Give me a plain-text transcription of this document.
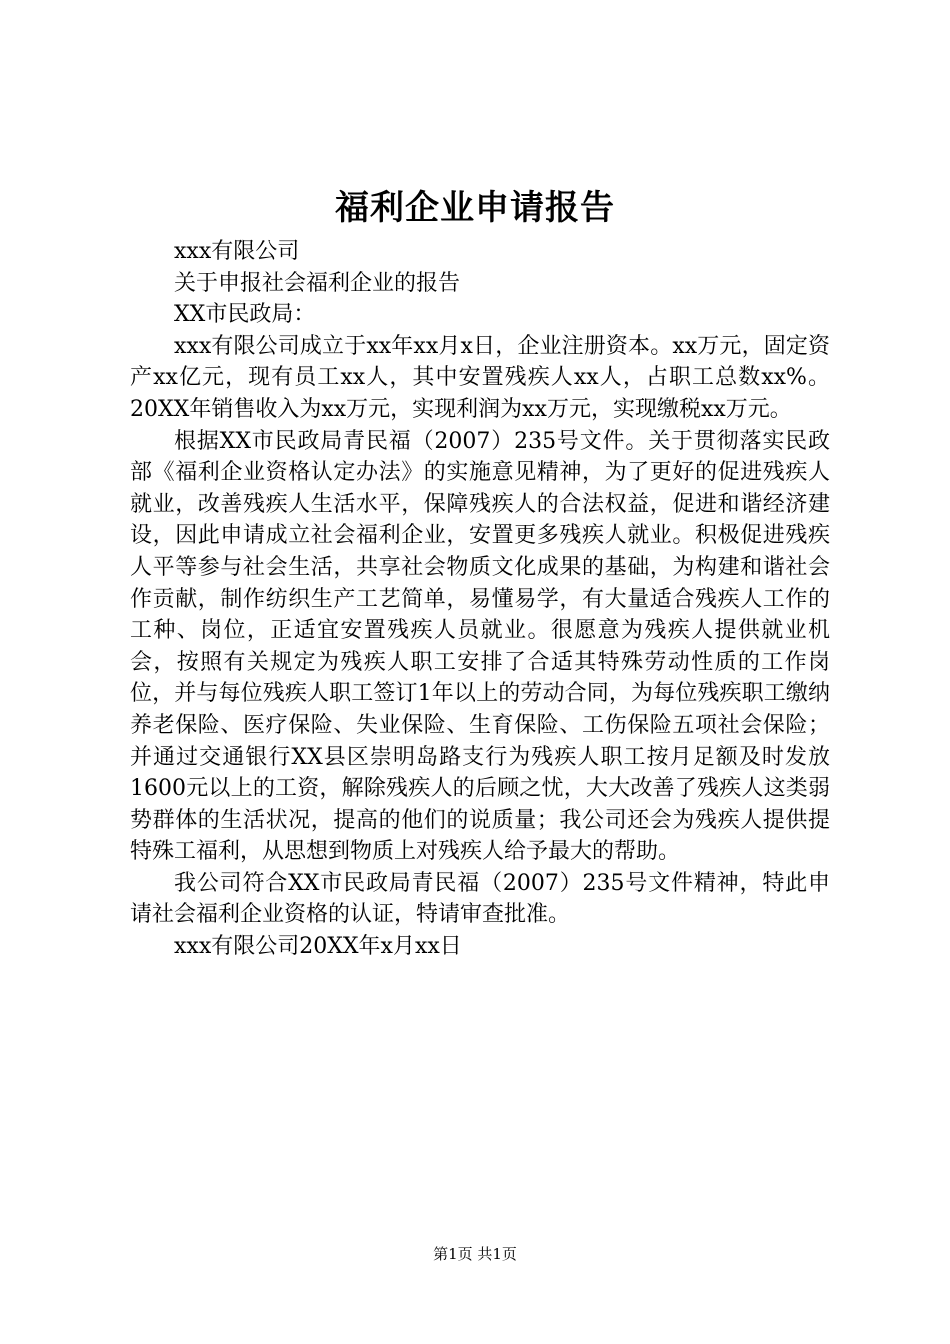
福利企业申请报告

xxx有限公司

关于申报社会福利企业的报告

XX市民政局：

xxx有限公司成立于xx年xx月x日，企业注册资本。xx万元，固定资产xx亿元，现有员工xx人，其中安置残疾人xx人，占职工总数xx%。20XX年销售收入为xx万元，实现利润为xx万元，实现缴税xx万元。

根据XX市民政局青民福（2007）235号文件。关于贯彻落实民政部《福利企业资格认定办法》的实施意见精神，为了更好的促进残疾人就业，改善残疾人生活水平，保障残疾人的合法权益，促进和谐经济建设，因此申请成立社会福利企业，安置更多残疾人就业。积极促进残疾人平等参与社会生活，共享社会物质文化成果的基础，为构建和谐社会作贡献，制作纺织生产工艺简单，易懂易学，有大量适合残疾人工作的工种、岗位，正适宜安置残疾人员就业。很愿意为残疾人提供就业机会，按照有关规定为残疾人职工安排了合适其特殊劳动性质的工作岗位，并与每位残疾人职工签订1年以上的劳动合同，为每位残疾职工缴纳养老保险、医疗保险、失业保险、生育保险、工伤保险五项社会保险；并通过交通银行XX县区崇明岛路支行为残疾人职工按月足额及时发放1600元以上的工资，解除残疾人的后顾之忧，大大改善了残疾人这类弱势群体的生活状况，提高的他们的说质量；我公司还会为残疾人提供提特殊工福利，从思想到物质上对残疾人给予最大的帮助。

我公司符合XX市民政局青民福（2007）235号文件精神，特此申请社会福利企业资格的认证，特请审查批准。

xxx有限公司20XX年x月xx日

第1页 共1页
